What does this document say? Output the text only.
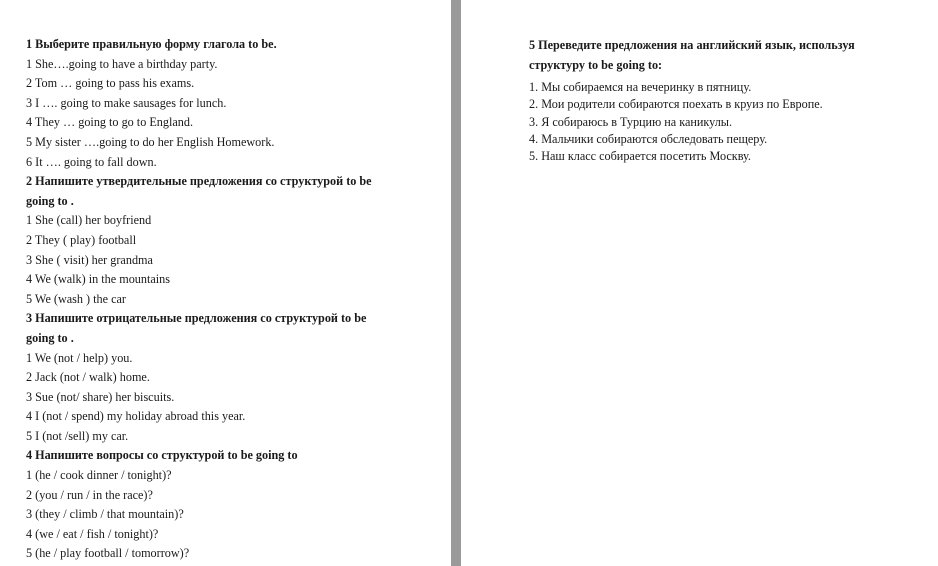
1 Выберите правильную форму глагола to be.
1 She….going to have a birthday party.
2 Tom … going to pass his exams.
3 I …. going to make sausages for lunch.
4 They … going to go to England.
5 My sister ….going to do her English Homework.
6 It …. going to fall down.
2 Напишите утвердительные предложения со структурой to be
going to .
1 She (call) her boyfriend
2 They ( play) football
3 She ( visit) her grandma
4 We (walk) in the mountains
5 We (wash ) the car
3 Напишите отрицательные предложения со структурой to be
going to .
1 We (not / help) you.
2 Jack (not / walk) home.
3 Sue (not/ share) her biscuits.
4 I (not / spend) my holiday abroad this year.
5 I (not /sell) my car.
4 Напишите вопросы со структурой to be going to
1 (he / cook dinner / tonight)?
2 (you / run / in the race)?
3 (they / climb / that mountain)?
4 (we / eat / fish / tonight)?
5 (he / play football / tomorrow)?
5 Переведите предложения на английский язык, используя
структуру to be going to:
1. Мы собираемся на вечеринку в пятницу.
2. Мои родители собираются поехать в круиз по Европе.
3. Я собираюсь в Турцию на каникулы.
4. Мальчики собираются обследовать пещеру.
5. Наш класс собирается посетить Москву.
